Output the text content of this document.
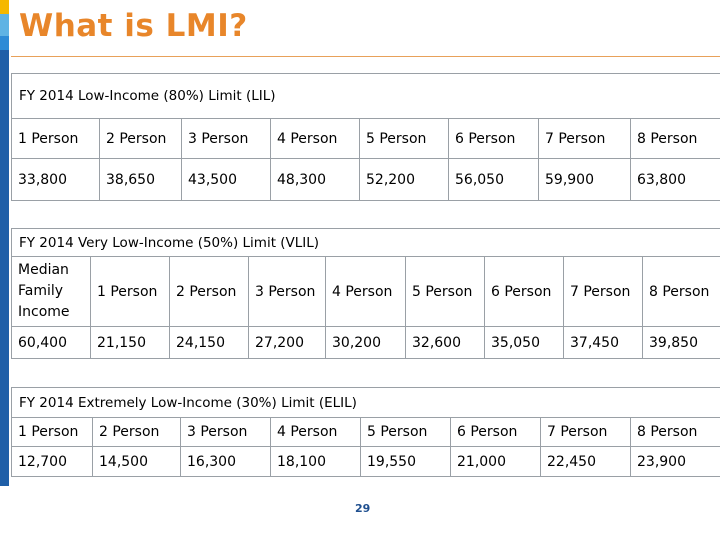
What is LMI?
FY 2014 Low-Income (80%) Limit (LIL)							
1 Person	2 Person	3 Person	4 Person	5 Person	6 Person	7 Person	8 Person
33,800	38,650	43,500	48,300	52,200	56,050	59,900	63,800
FY 2014 Very Low-Income (50%) Limit (VLIL)								
Median Family Income	1 Person	2 Person	3 Person	4 Person	5 Person	6 Person	7 Person	8 Person
60,400	21,150	24,150	27,200	30,200	32,600	35,050	37,450	39,850
FY 2014 Extremely Low-Income (30%) Limit (ELIL)							
1 Person	2 Person	3 Person	4 Person	5 Person	6 Person	7 Person	8 Person
12,700	14,500	16,300	18,100	19,550	21,000	22,450	23,900
29
